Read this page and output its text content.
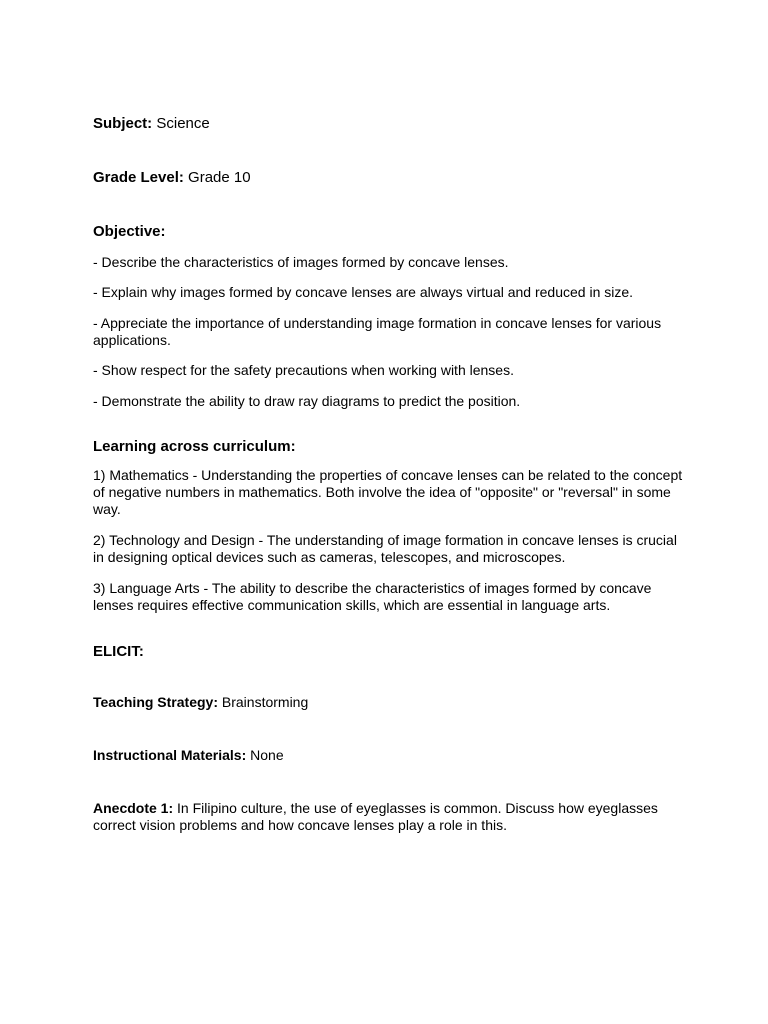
Subject: Science

Grade Level: Grade 10

Objective:

- Describe the characteristics of images formed by concave lenses.

- Explain why images formed by concave lenses are always virtual and reduced in size.

- Appreciate the importance of understanding image formation in concave lenses for various applications.

- Show respect for the safety precautions when working with lenses.

- Demonstrate the ability to draw ray diagrams to predict the position.

Learning across curriculum:

1) Mathematics - Understanding the properties of concave lenses can be related to the concept of negative numbers in mathematics. Both involve the idea of "opposite" or "reversal" in some way.

2) Technology and Design - The understanding of image formation in concave lenses is crucial in designing optical devices such as cameras, telescopes, and microscopes.

3) Language Arts - The ability to describe the characteristics of images formed by concave lenses requires effective communication skills, which are essential in language arts.

ELICIT:

Teaching Strategy: Brainstorming

Instructional Materials: None

Anecdote 1: In Filipino culture, the use of eyeglasses is common. Discuss how eyeglasses correct vision problems and how concave lenses play a role in this.
